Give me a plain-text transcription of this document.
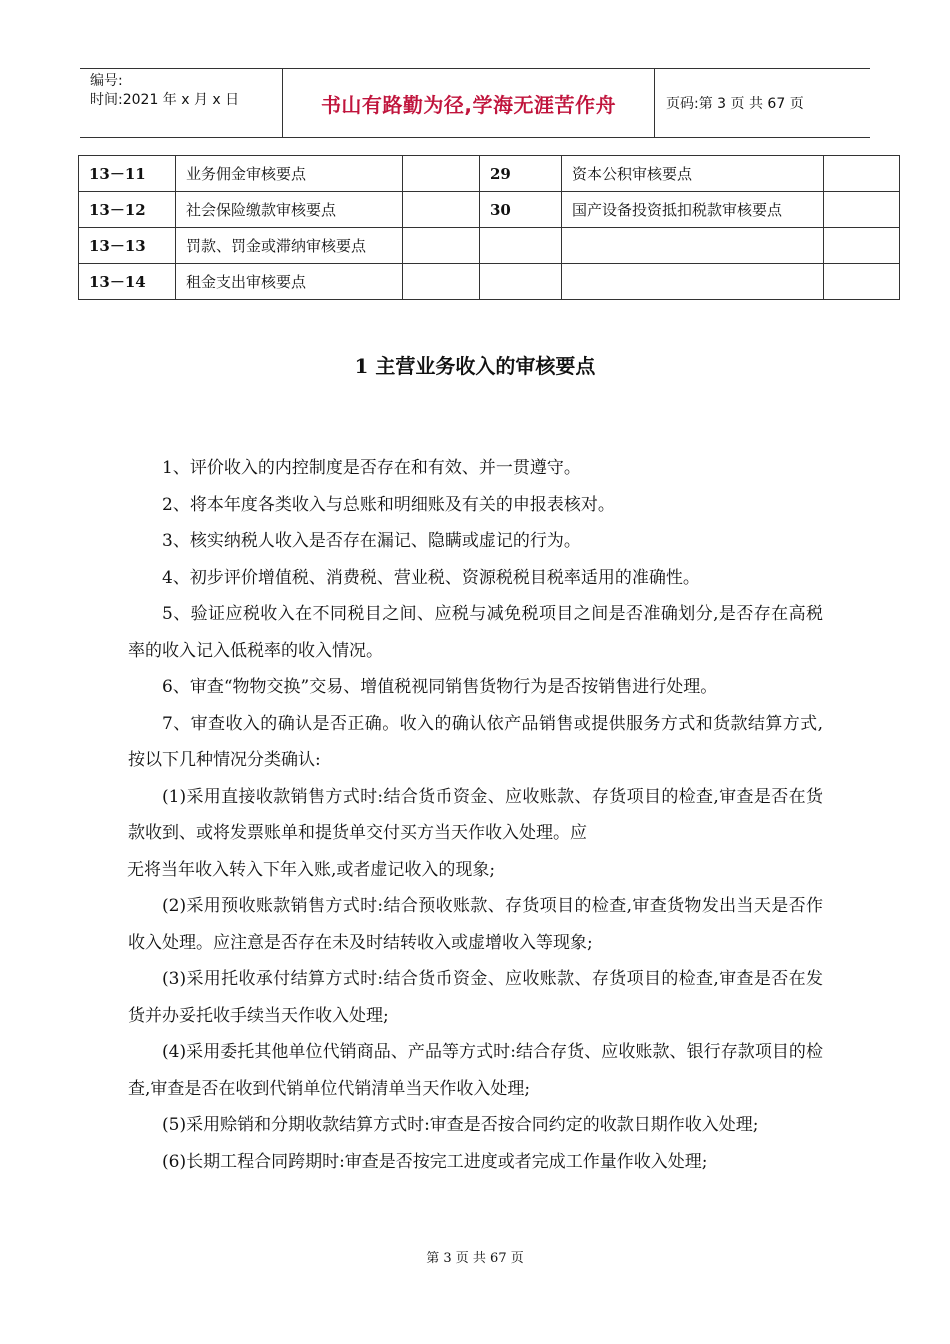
编号:
时间:2021 年 x 月 x 日	书山有路勤为径,学海无涯苦作舟	页码:第 3 页 共 67 页
13－11	业务佣金审核要点		29	资本公积审核要点	
13－12	社会保险缴款审核要点		30	国产设备投资抵扣税款审核要点	
13－13	罚款、罚金或滞纳审核要点				
13－14	租金支出审核要点				
1 主营业务收入的审核要点

1、评价收入的内控制度是否存在和有效、并一贯遵守。

2、将本年度各类收入与总账和明细账及有关的申报表核对。

3、核实纳税人收入是否存在漏记、隐瞒或虚记的行为。

4、初步评价增值税、消费税、营业税、资源税税目税率适用的准确性。

5、验证应税收入在不同税目之间、应税与减免税项目之间是否准确划分,是否存在高税率的收入记入低税率的收入情况。

6、审查“物物交换”交易、增值税视同销售货物行为是否按销售进行处理。

7、审查收入的确认是否正确。收入的确认依产品销售或提供服务方式和货款结算方式,按以下几种情况分类确认:

(1)采用直接收款销售方式时:结合货币资金、应收账款、存货项目的检查,审查是否在货款收到、或将发票账单和提货单交付买方当天作收入处理。应

无将当年收入转入下年入账,或者虚记收入的现象;

(2)采用预收账款销售方式时:结合预收账款、存货项目的检查,审查货物发出当天是否作收入处理。应注意是否存在未及时结转收入或虚增收入等现象;

(3)采用托收承付结算方式时:结合货币资金、应收账款、存货项目的检查,审查是否在发货并办妥托收手续当天作收入处理;

(4)采用委托其他单位代销商品、产品等方式时:结合存货、应收账款、银行存款项目的检查,审查是否在收到代销单位代销清单当天作收入处理;

(5)采用赊销和分期收款结算方式时:审查是否按合同约定的收款日期作收入处理;

(6)长期工程合同跨期时:审查是否按完工进度或者完成工作量作收入处理;

第 3 页 共 67 页
